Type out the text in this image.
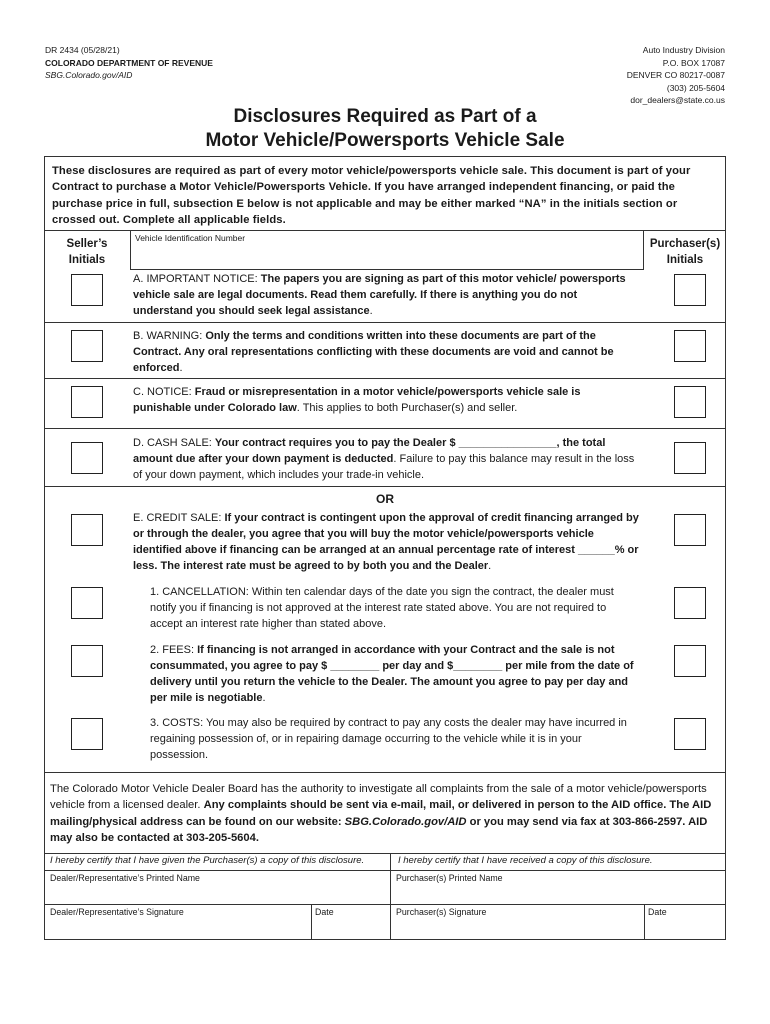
DR 2434 (05/28/21)
COLORADO DEPARTMENT OF REVENUE
SBG.Colorado.gov/AID
Auto Industry Division
P.O. BOX 17087
DENVER CO 80217-0087
(303) 205-5604
dor_dealers@state.co.us
Disclosures Required as Part of a
Motor Vehicle/Powersports Vehicle Sale
These disclosures are required as part of every motor vehicle/powersports vehicle sale. This document is part of your Contract to purchase a Motor Vehicle/Powersports Vehicle. If you have arranged independent financing, or paid the purchase price in full, subsection E below is not applicable and may be either marked “NA” in the initials section or crossed out. Complete all applicable fields.
Vehicle Identification Number
Seller’s
Initials
Purchaser(s)
Initials
A. IMPORTANT NOTICE: The papers you are signing as part of this motor vehicle/ powersports vehicle sale are legal documents. Read them carefully. If there is anything you do not understand you should seek legal assistance.
B. WARNING: Only the terms and conditions written into these documents are part of the Contract. Any oral representations conflicting with these documents are void and cannot be enforced.
C. NOTICE: Fraud or misrepresentation in a motor vehicle/powersports vehicle sale is punishable under Colorado law. This applies to both Purchaser(s) and seller.
D. CASH SALE: Your contract requires you to pay the Dealer $ ________________, the total amount due after your down payment is deducted. Failure to pay this balance may result in the loss of your down payment, which includes your trade-in vehicle.
OR
E. CREDIT SALE: If your contract is contingent upon the approval of credit financing arranged by or through the dealer, you agree that you will buy the motor vehicle/powersports vehicle identified above if financing can be arranged at an annual percentage rate of interest ______% or less. The interest rate must be agreed to by both you and the Dealer.
1. CANCELLATION: Within ten calendar days of the date you sign the contract, the dealer must notify you if financing is not approved at the interest rate stated above. You are not required to accept an interest rate higher than stated above.
2. FEES: If financing is not arranged in accordance with your Contract and the sale is not consummated, you agree to pay $ ________ per day and $________ per mile from the date of delivery until you return the vehicle to the Dealer. The amount you agree to pay per day and per mile is negotiable.
3. COSTS: You may also be required by contract to pay any costs the dealer may have incurred in regaining possession of, or in repairing damage occurring to the vehicle while it is in your possession.
The Colorado Motor Vehicle Dealer Board has the authority to investigate all complaints from the sale of a motor vehicle/powersports vehicle from a licensed dealer. Any complaints should be sent via e-mail, mail, or delivered in person to the AID office. The AID mailing/physical address can be found on our website: SBG.Colorado.gov/AID or you may send via fax at 303-866-2597. AID may also be contacted at 303-205-5604.
I hereby certify that I have given the Purchaser(s) a copy of this disclosure.	I hereby certify that I have received a copy of this disclosure.
Dealer/Representative’s Printed Name	Purchaser(s) Printed Name
Dealer/Representative’s Signature	Date	Purchaser(s) Signature	Date
